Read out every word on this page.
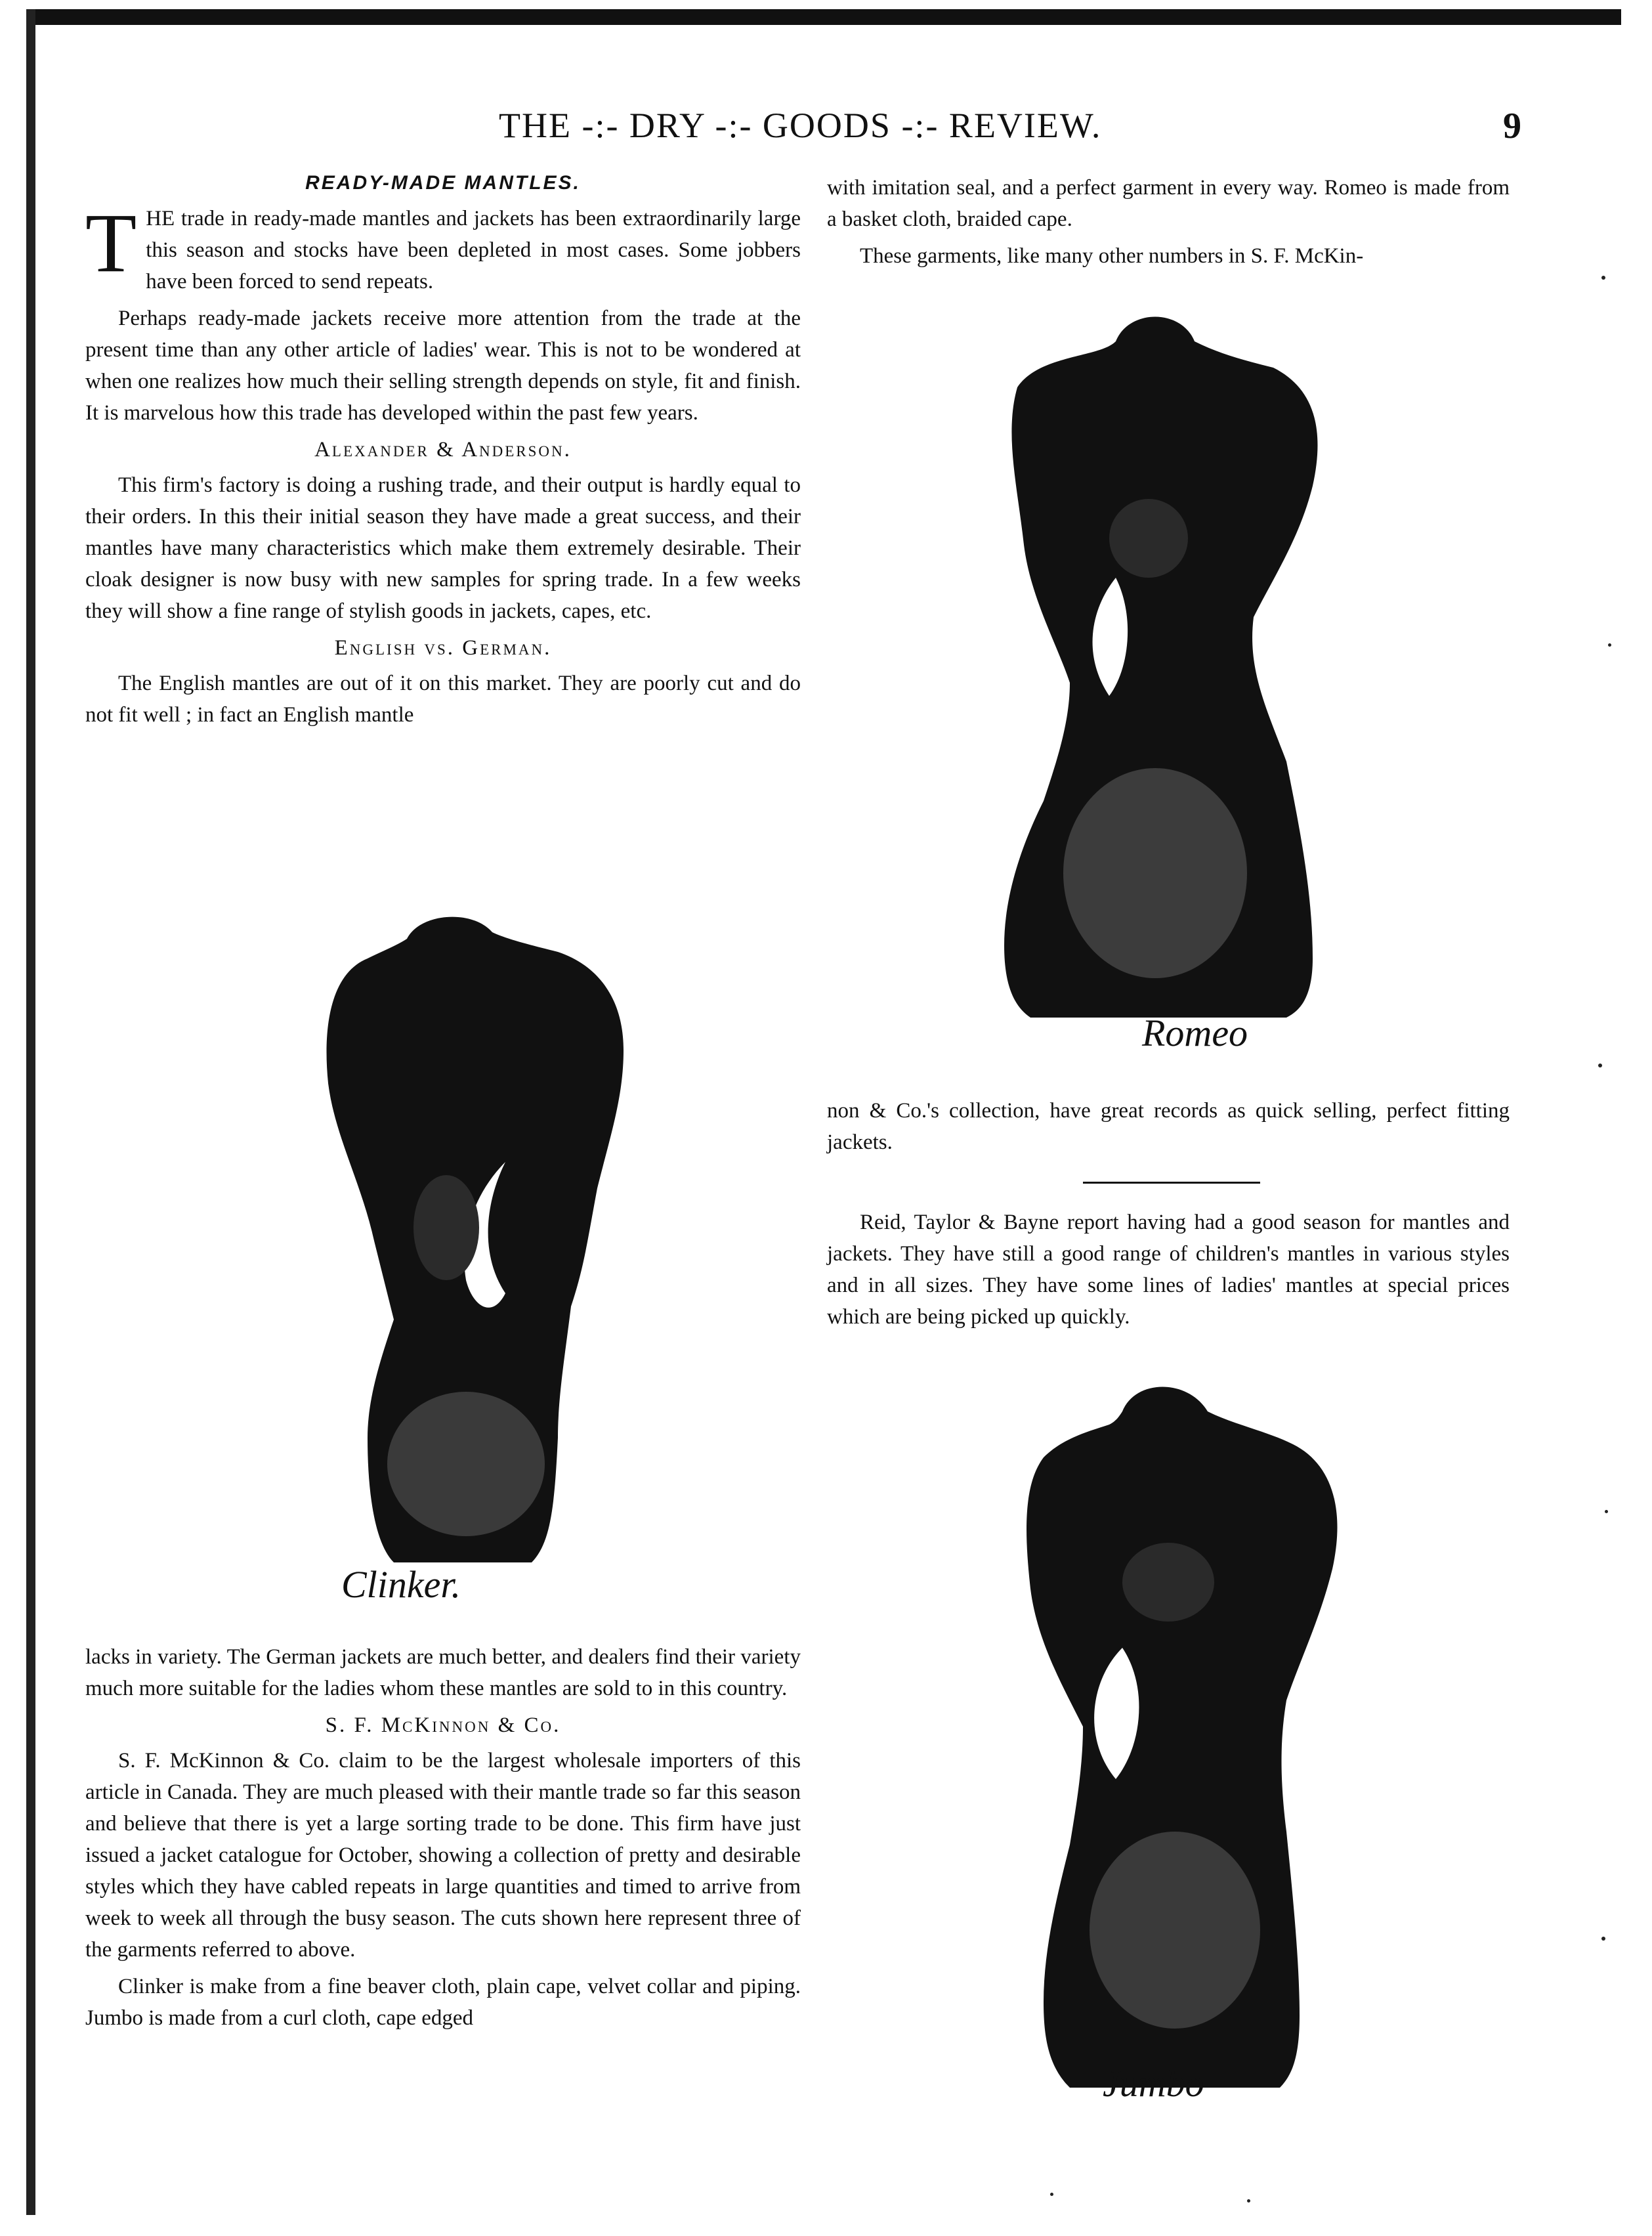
THE -:- DRY -:- GOODS -:- REVIEW.	9
READY-MADE MANTLES.

THE trade in ready-made mantles and jackets has been extraordinarily large this season and stocks have been depleted in most cases. Some jobbers have been forced to send repeats.

Perhaps ready-made jackets receive more attention from the trade at the present time than any other article of ladies' wear. This is not to be wondered at when one realizes how much their selling strength depends on style, fit and finish. It is marvelous how this trade has developed within the past few years.

Alexander & Anderson.

This firm's factory is doing a rushing trade, and their output is hardly equal to their orders. In this their initial season they have made a great success, and their mantles have many characteristics which make them extremely desirable. Their cloak designer is now busy with new samples for spring trade. In a few weeks they will show a fine range of stylish goods in jackets, capes, etc.

English vs. German.

The English mantles are out of it on this market. They are poorly cut and do not fit well ; in fact an English mantle

Clinker.

lacks in variety. The German jackets are much better, and dealers find their variety much more suitable for the ladies whom these mantles are sold to in this country.

S. F. McKinnon & Co.

S. F. McKinnon & Co. claim to be the largest wholesale importers of this article in Canada. They are much pleased with their mantle trade so far this season and believe that there is yet a large sorting trade to be done. This firm have just issued a jacket catalogue for October, showing a collection of pretty and desirable styles which they have cabled repeats in large quantities and timed to arrive from week to week all through the busy season. The cuts shown here represent three of the garments referred to above.

Clinker is make from a fine beaver cloth, plain cape, velvet collar and piping. Jumbo is made from a curl cloth, cape edged

with imitation seal, and a perfect garment in every way. Romeo is made from a basket cloth, braided cape.

These garments, like many other numbers in S. F. McKin-

Romeo

non & Co.'s collection, have great records as quick selling, perfect fitting jackets.

Reid, Taylor & Bayne report having had a good season for mantles and jackets. They have still a good range of children's mantles in various styles and in all sizes. They have some lines of ladies' mantles at special prices which are being picked up quickly.

Jumbo
